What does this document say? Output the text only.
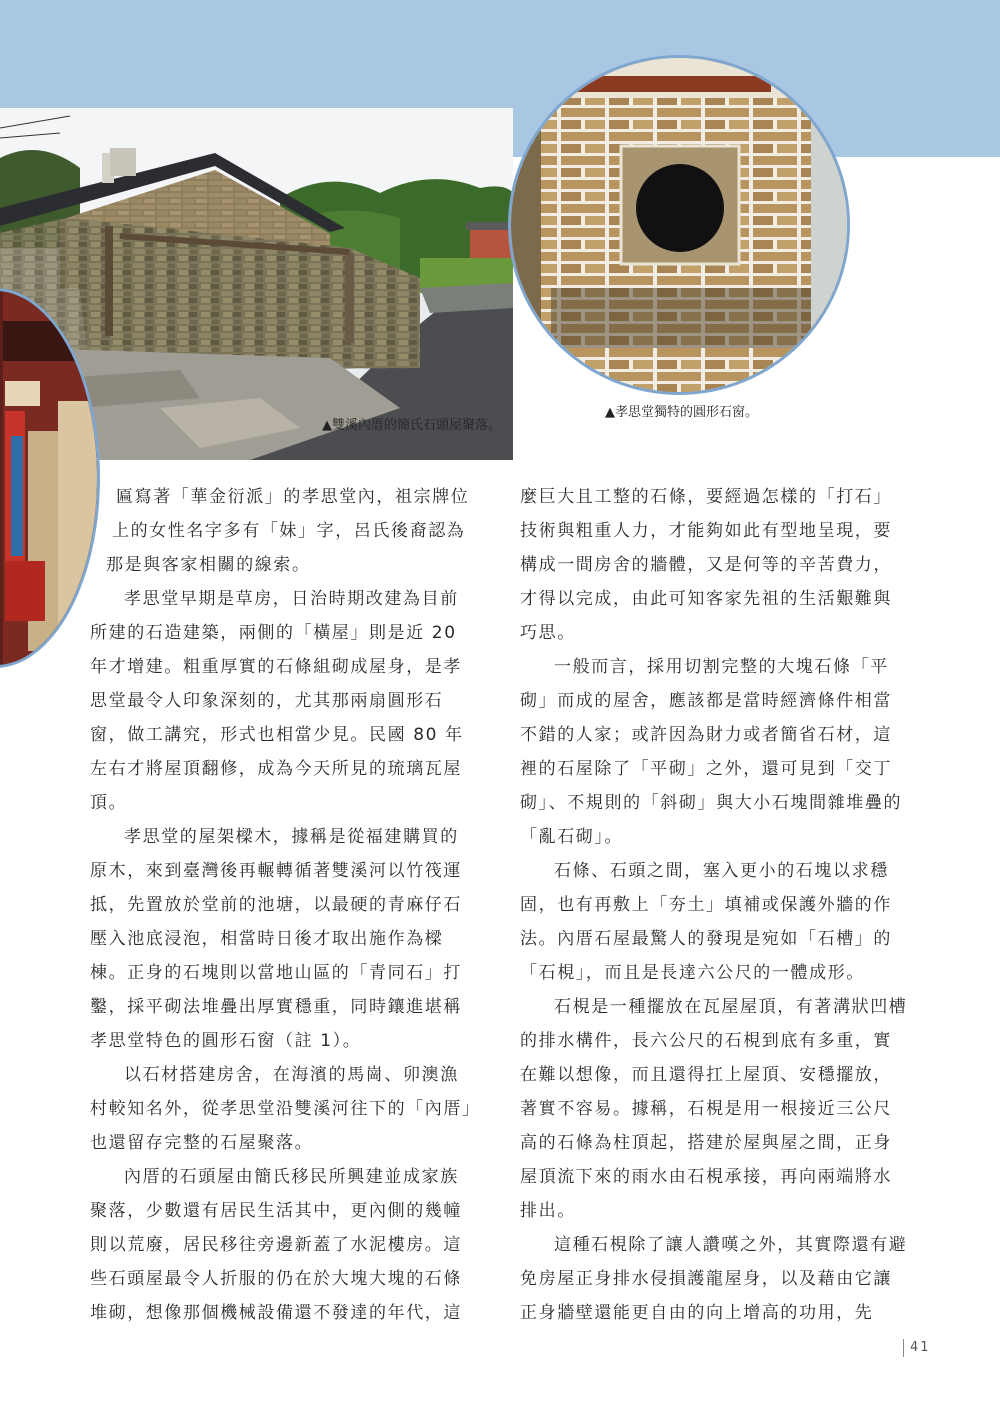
▲雙溪內厝的簡氏石頭屋聚落。
▲孝思堂獨特的圓形石窗。

匾寫著「華金衍派」的孝思堂內，祖宗牌位
上的女性名字多有「妹」字，呂氏後裔認為
那是與客家相關的線索。

孝思堂早期是草房，日治時期改建為目前所建的石造建築，兩側的「橫屋」則是近 20 年才增建。粗重厚實的石條組砌成屋身，是孝思堂最令人印象深刻的，尤其那兩扇圓形石窗，做工講究，形式也相當少見。民國 80 年左右才將屋頂翻修，成為今天所見的琉璃瓦屋頂。

孝思堂的屋架樑木，據稱是從福建購買的原木，來到臺灣後再輾轉循著雙溪河以竹筏運抵，先置放於堂前的池塘，以最硬的青麻仔石壓入池底浸泡，相當時日後才取出施作為樑棟。正身的石塊則以當地山區的「青同石」打鑿，採平砌法堆疊出厚實穩重，同時鑲進堪稱孝思堂特色的圓形石窗（註 1）。

以石材搭建房舍，在海濱的馬崗、卯澳漁村較知名外，從孝思堂沿雙溪河往下的「內厝」也還留存完整的石屋聚落。

內厝的石頭屋由簡氏移民所興建並成家族聚落，少數還有居民生活其中，更內側的幾幢則以荒廢，居民移往旁邊新蓋了水泥樓房。這些石頭屋最令人折服的仍在於大塊大塊的石條堆砌，想像那個機械設備還不發達的年代，這

麼巨大且工整的石條，要經過怎樣的「打石」技術與粗重人力，才能夠如此有型地呈現，要構成一間房舍的牆體，又是何等的辛苦費力，才得以完成，由此可知客家先祖的生活艱難與巧思。

一般而言，採用切割完整的大塊石條「平砌」而成的屋舍，應該都是當時經濟條件相當不錯的人家；或許因為財力或者簡省石材，這裡的石屋除了「平砌」之外，還可見到「交丁砌」、不規則的「斜砌」與大小石塊間雜堆疊的「亂石砌」。

石條、石頭之間，塞入更小的石塊以求穩固，也有再敷上「夯土」填補或保護外牆的作法。內厝石屋最驚人的發現是宛如「石槽」的「石梘」，而且是長達六公尺的一體成形。

石梘是一種擺放在瓦屋屋頂，有著溝狀凹槽的排水構件，長六公尺的石梘到底有多重，實在難以想像，而且還得扛上屋頂、安穩擺放，著實不容易。據稱，石梘是用一根接近三公尺高的石條為柱頂起，搭建於屋與屋之間，正身屋頂流下來的雨水由石梘承接，再向兩端將水排出。

這種石梘除了讓人讚嘆之外，其實際還有避免房屋正身排水侵損護龍屋身，以及藉由它讓正身牆壁還能更自由的向上增高的功用，先

41
